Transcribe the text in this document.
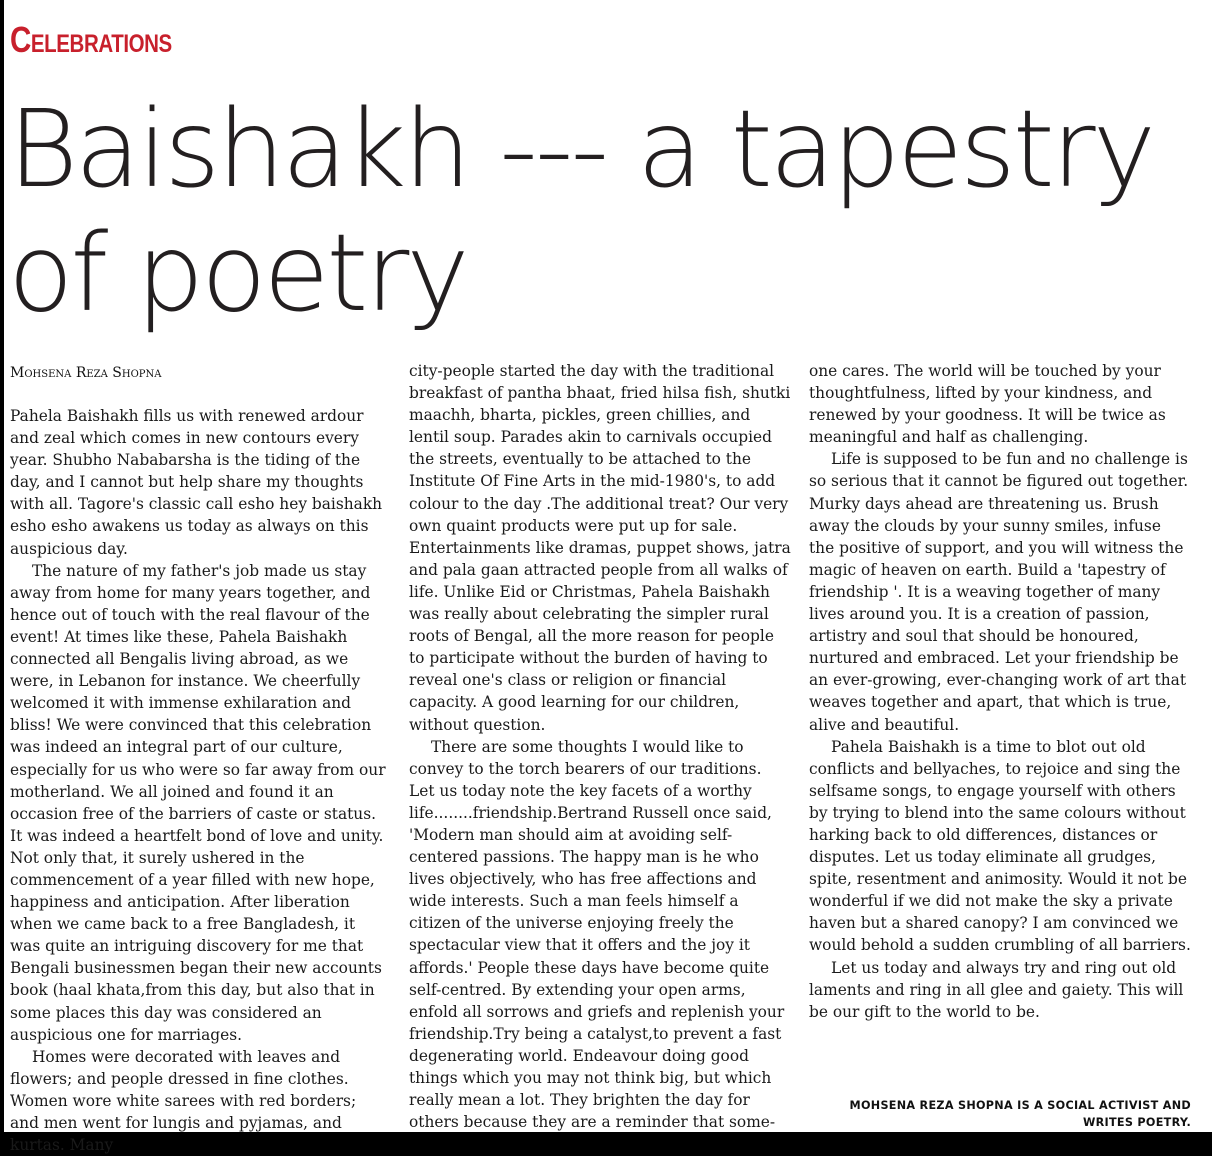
Celebrations
Baishakh --- a tapestry
of poetry

Mohsena Reza Shopna

Pahela Baishakh fills us with renewed ardour and zeal which comes in new contours every year. Shubho Nababarsha is the tiding of the day, and I cannot but help share my thoughts with all. Tagore's classic call esho hey baishakh esho esho awakens us today as always on this auspicious day.

The nature of my father's job made us stay away from home for many years together, and hence out of touch with the real flavour of the event! At times like these, Pahela Baishakh connected all Bengalis living abroad, as we were, in Lebanon for instance. We cheerfully welcomed it with immense exhilaration and bliss! We were convinced that this celebration was indeed an integral part of our culture, especially for us who were so far away from our motherland. We all joined and found it an occasion free of the barriers of caste or status. It was indeed a heartfelt bond of love and unity. Not only that, it surely ushered in the commencement of a year filled with new hope, happiness and anticipation. After liberation when we came back to a free Bangladesh, it was quite an intriguing discovery for me that Bengali businessmen began their new accounts book (haal khata,from this day, but also that in some places this day was considered an auspicious one for marriages.

Homes were decorated with leaves and flowers; and people dressed in fine clothes. Women wore white sarees with red borders; and men went for lungis and pyjamas, and kurtas. Many

city-people started the day with the traditional breakfast of pantha bhaat, fried hilsa fish, shutki maachh, bharta, pickles, green chillies, and lentil soup. Parades akin to carnivals occupied the streets, eventually to be attached to the Institute Of Fine Arts in the mid-1980's, to add colour to the day .The additional treat? Our very own quaint products were put up for sale. Entertainments like dramas, puppet shows, jatra and pala gaan attracted people from all walks of life. Unlike Eid or Christmas, Pahela Baishakh was really about celebrating the simpler rural roots of Bengal, all the more reason for people to participate without the burden of having to reveal one's class or religion or financial capacity. A good learning for our children, without question.

There are some thoughts I would like to convey to the torch bearers of our traditions. Let us today note the key facets of a worthy life........friendship.Bertrand Russell once said, 'Modern man should aim at avoiding self-centered passions. The happy man is he who lives objectively, who has free affections and wide interests. Such a man feels himself a citizen of the universe enjoying freely the spectacular view that it offers and the joy it affords.' People these days have become quite self-centred. By extending your open arms, enfold all sorrows and griefs and replenish your friendship.Try being a catalyst,to prevent a fast degenerating world. Endeavour doing good things which you may not think big, but which really mean a lot. They brighten the day for others because they are a reminder that some-

one cares. The world will be touched by your thoughtfulness, lifted by your kindness, and renewed by your goodness. It will be twice as meaningful and half as challenging.

Life is supposed to be fun and no challenge is so serious that it cannot be figured out together. Murky days ahead are threatening us. Brush away the clouds by your sunny smiles, infuse the positive of support, and you will witness the magic of heaven on earth. Build a 'tapestry of friendship '. It is a weaving together of many lives around you. It is a creation of passion, artistry and soul that should be honoured, nurtured and embraced. Let your friendship be an ever-growing, ever-changing work of art that weaves together and apart, that which is true, alive and beautiful.

Pahela Baishakh is a time to blot out old conflicts and bellyaches, to rejoice and sing the selfsame songs, to engage yourself with others by trying to blend into the same colours without harking back to old differences, distances or disputes. Let us today eliminate all grudges, spite, resentment and animosity. Would it not be wonderful if we did not make the sky a private haven but a shared canopy? I am convinced we would behold a sudden crumbling of all barriers.

Let us today and always try and ring out old laments and ring in all glee and gaiety. This will be our gift to the world to be.

MOHSENA REZA SHOPNA IS A SOCIAL ACTIVIST AND
WRITES POETRY.
